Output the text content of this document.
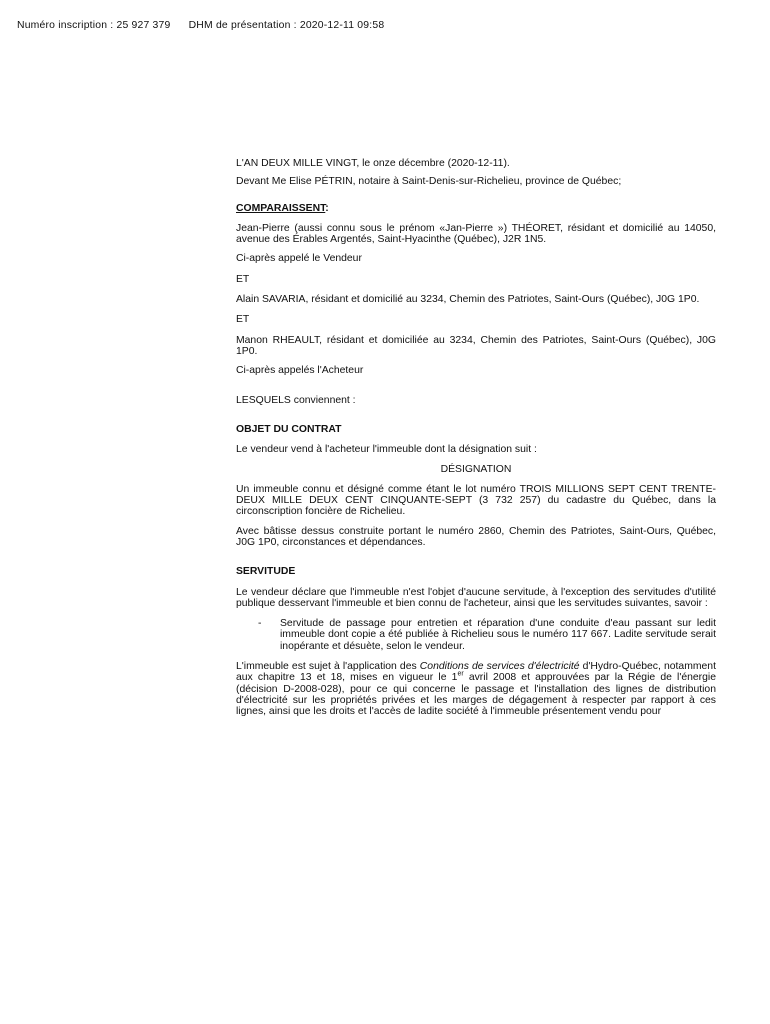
Numéro inscription : 25 927 379 DHM de présentation : 2020-12-11 09:58

L'AN DEUX MILLE VINGT, le onze décembre (2020-12-11).

Devant Me Elise PÉTRIN, notaire à Saint-Denis-sur-Richelieu, province de Québec;

COMPARAISSENT:

Jean-Pierre (aussi connu sous le prénom «Jan-Pierre ») THÉORET, résidant et domicilié au 14050, avenue des Érables Argentés, Saint-Hyacinthe (Québec), J2R 1N5.

Ci-après appelé le Vendeur

ET

Alain SAVARIA, résidant et domicilié au 3234, Chemin des Patriotes, Saint-Ours (Québec), J0G 1P0.

ET

Manon RHEAULT, résidant et domiciliée au 3234, Chemin des Patriotes, Saint-Ours (Québec), J0G 1P0.

Ci-après appelés l'Acheteur

LESQUELS conviennent :

OBJET DU CONTRAT

Le vendeur vend à l'acheteur l'immeuble dont la désignation suit :

DÉSIGNATION

Un immeuble connu et désigné comme étant le lot numéro TROIS MILLIONS SEPT CENT TRENTE-DEUX MILLE DEUX CENT CINQUANTE-SEPT (3 732 257) du cadastre du Québec, dans la circonscription foncière de Richelieu.

Avec bâtisse dessus construite portant le numéro 2860, Chemin des Patriotes, Saint-Ours, Québec, J0G 1P0, circonstances et dépendances.

SERVITUDE

Le vendeur déclare que l'immeuble n'est l'objet d'aucune servitude, à l'exception des servitudes d'utilité publique desservant l'immeuble et bien connu de l'acheteur, ainsi que les servitudes suivantes, savoir :

-	Servitude de passage pour entretien et réparation d'une conduite d'eau passant sur ledit immeuble dont copie a été publiée à Richelieu sous le numéro 117 667. Ladite servitude serait inopérante et désuète, selon le vendeur.

L'immeuble est sujet à l'application des Conditions de services d'électricité d'Hydro-Québec, notamment aux chapitre 13 et 18, mises en vigueur le 1er avril 2008 et approuvées par la Régie de l'énergie (décision D-2008-028), pour ce qui concerne le passage et l'installation des lignes de distribution d'électricité sur les propriétés privées et les marges de dégagement à respecter par rapport à ces lignes, ainsi que les droits et l'accès de ladite société à l'immeuble présentement vendu pour
